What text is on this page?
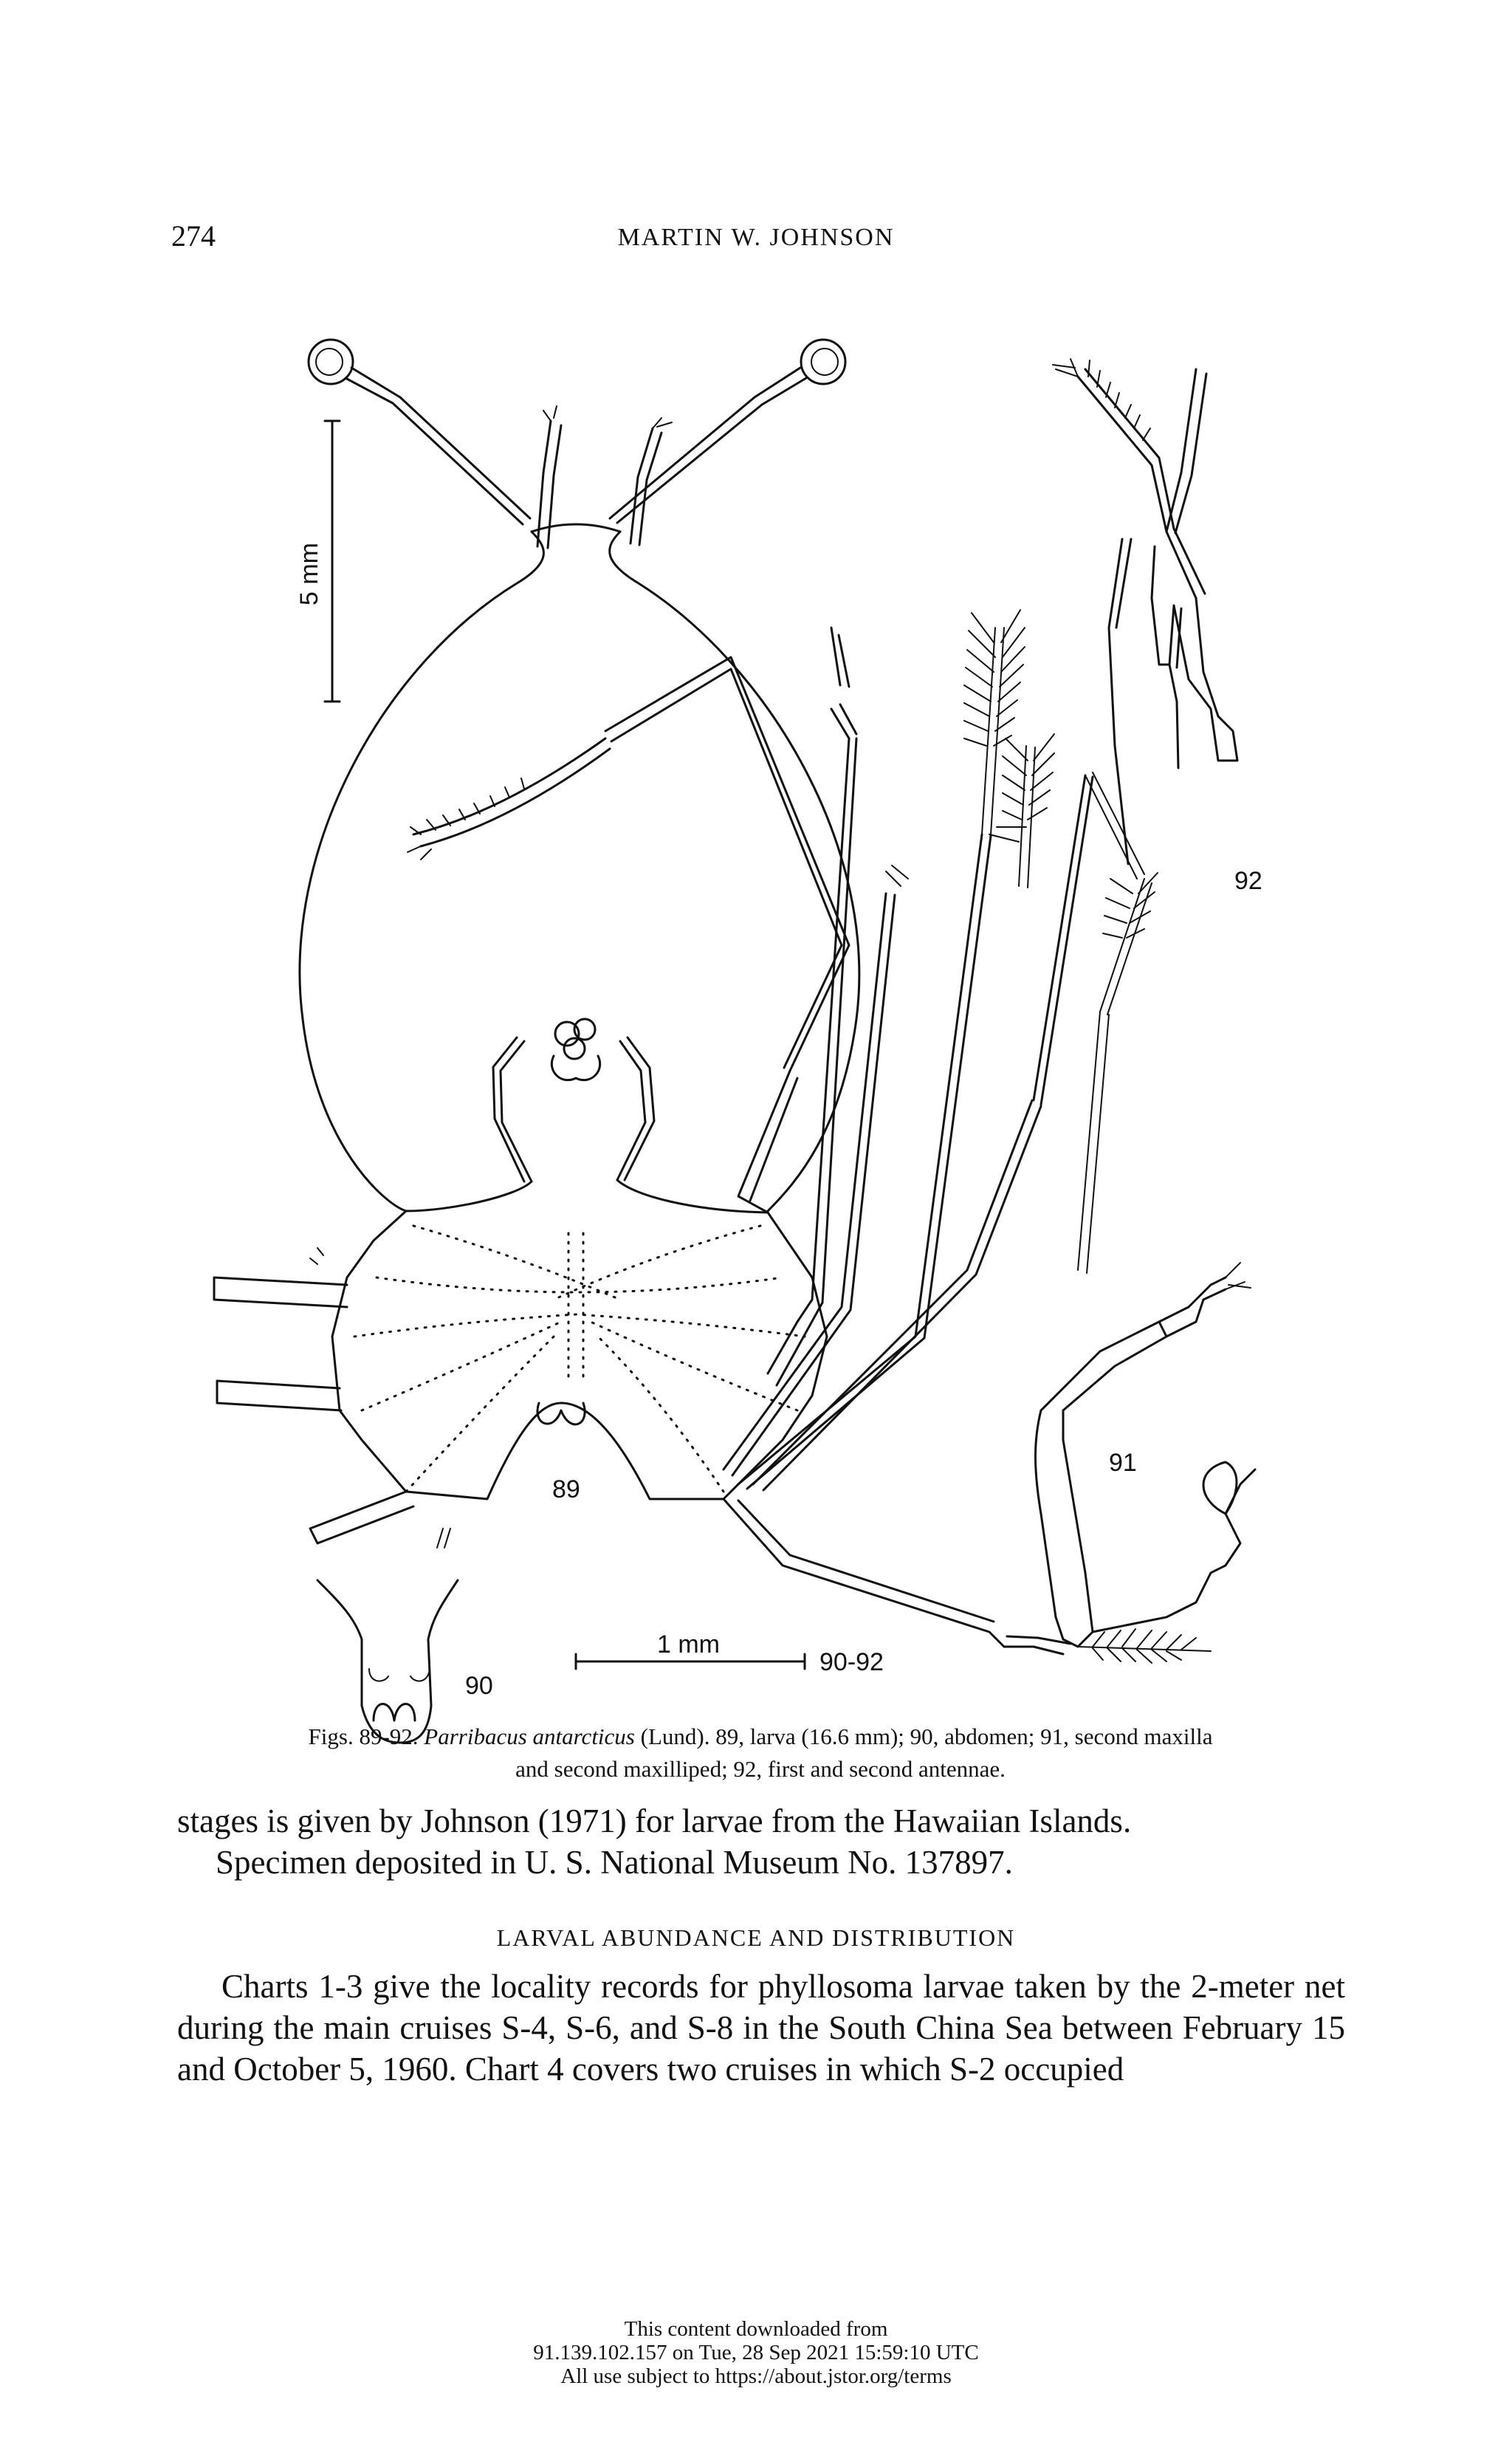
274	MARTIN W. JOHNSON
5 mm
1 mm
90-92
89
90
91
92
Figs. 89-92. Parribacus antarcticus (Lund). 89, larva (16.6 mm); 90, abdomen; 91, second maxilla
and second maxilliped; 92, first and second antennae.
stages is given by Johnson (1971) for larvae from the Hawaiian Islands.
Specimen deposited in U. S. National Museum No. 137897.
LARVAL ABUNDANCE AND DISTRIBUTION
Charts 1-3 give the locality records for phyllosoma larvae taken by the 2-meter net during the main cruises S-4, S-6, and S-8 in the South China Sea between February 15 and October 5, 1960. Chart 4 covers two cruises in which S-2 occupied
This content downloaded from
91.139.102.157 on Tue, 28 Sep 2021 15:59:10 UTC
All use subject to https://about.jstor.org/terms
